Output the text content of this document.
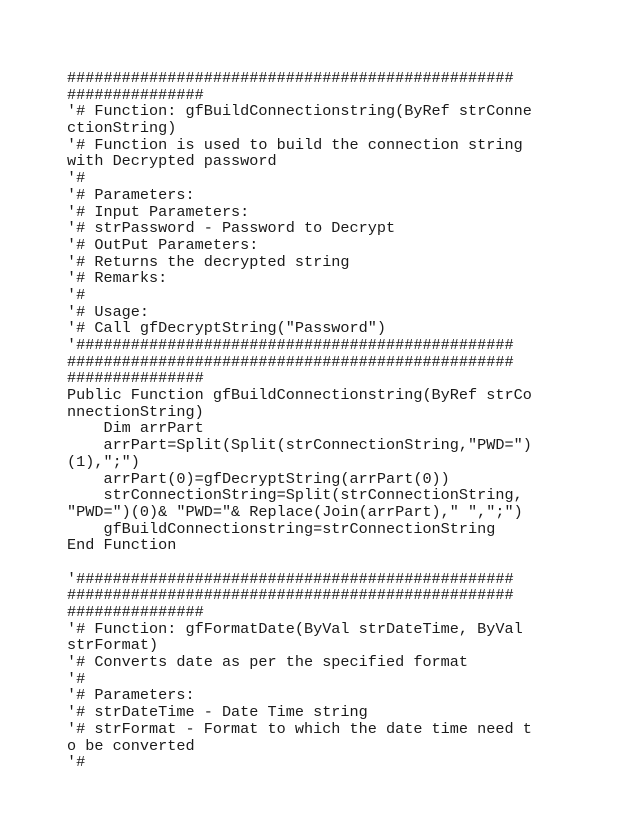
#################################################
###############
'# Function: gfBuildConnectionstring(ByRef strConne
ctionString)
'# Function is used to build the connection string
with Decrypted password
'#
'# Parameters:
'# Input Parameters:
'# strPassword - Password to Decrypt
'# OutPut Parameters:
'# Returns the decrypted string
'# Remarks:
'#
'# Usage:
'# Call gfDecryptString("Password")
'################################################
#################################################
###############
Public Function gfBuildConnectionstring(ByRef strCo
nnectionString)
Dim arrPart
arrPart=Split(Split(strConnectionString,"PWD=")
(1),";")
arrPart(0)=gfDecryptString(arrPart(0))
strConnectionString=Split(strConnectionString,
"PWD=")(0)& "PWD="& Replace(Join(arrPart)," ",";")
gfBuildConnectionstring=strConnectionString
End Function
'################################################
#################################################
###############
'# Function: gfFormatDate(ByVal strDateTime, ByVal
strFormat)
'# Converts date as per the specified format
'#
'# Parameters:
'# strDateTime - Date Time string
'# strFormat - Format to which the date time need t
o be converted
'#
